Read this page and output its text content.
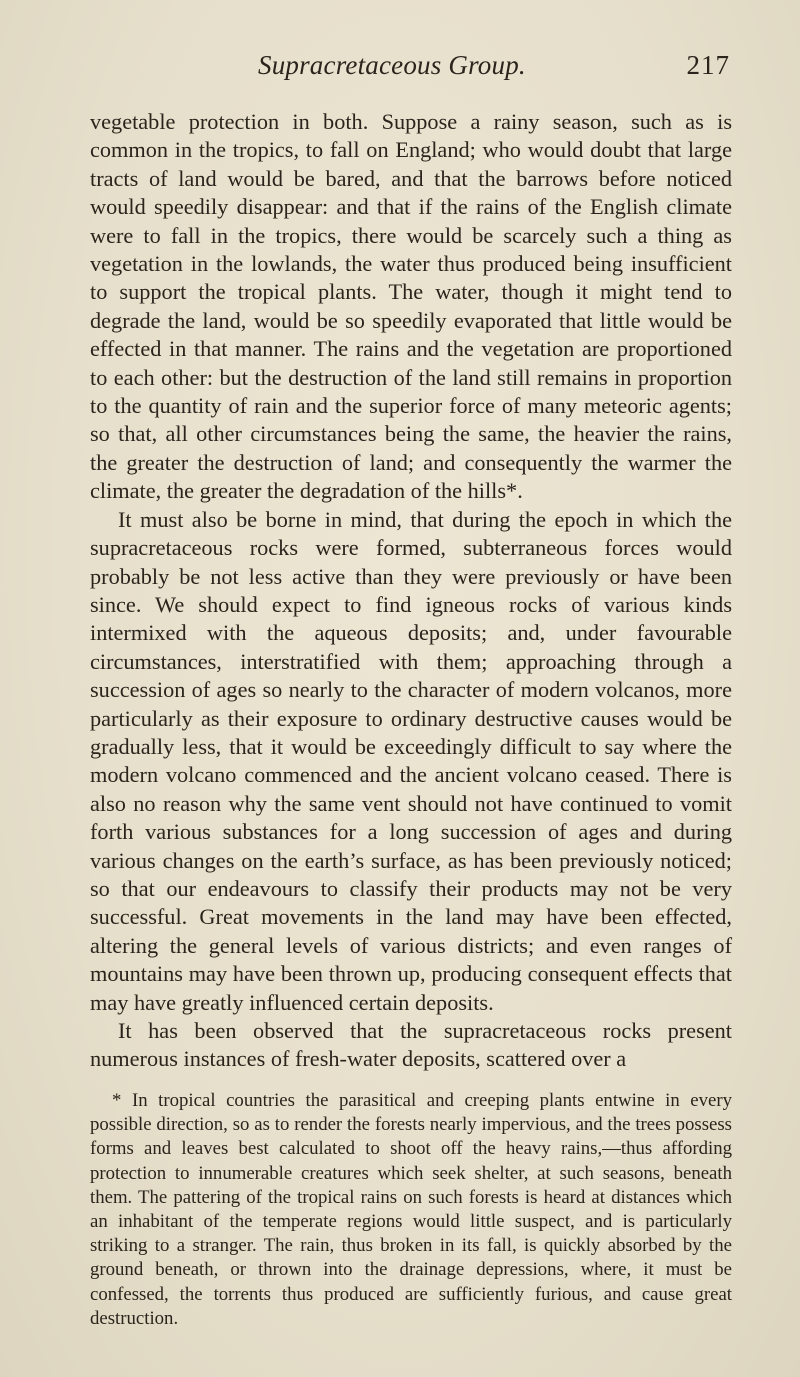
Supracretaceous Group.	217

vegetable protection in both. Suppose a rainy season, such as is common in the tropics, to fall on England; who would doubt that large tracts of land would be bared, and that the barrows before noticed would speedily disappear: and that if the rains of the English climate were to fall in the tropics, there would be scarcely such a thing as vegetation in the lowlands, the water thus produced being insufficient to support the tropical plants. The water, though it might tend to degrade the land, would be so speedily evaporated that little would be effected in that manner. The rains and the vegetation are proportioned to each other: but the destruction of the land still remains in proportion to the quantity of rain and the superior force of many meteoric agents; so that, all other circumstances being the same, the heavier the rains, the greater the destruction of land; and consequently the warmer the climate, the greater the degradation of the hills*.

It must also be borne in mind, that during the epoch in which the supracretaceous rocks were formed, subterraneous forces would probably be not less active than they were previously or have been since. We should expect to find igneous rocks of various kinds intermixed with the aqueous deposits; and, under favourable circumstances, interstratified with them; approaching through a succession of ages so nearly to the character of modern volcanos, more particularly as their exposure to ordinary destructive causes would be gradually less, that it would be exceedingly difficult to say where the modern volcano commenced and the ancient volcano ceased. There is also no reason why the same vent should not have continued to vomit forth various substances for a long succession of ages and during various changes on the earth’s surface, as has been previously noticed; so that our endeavours to classify their products may not be very successful. Great movements in the land may have been effected, altering the general levels of various districts; and even ranges of mountains may have been thrown up, producing consequent effects that may have greatly influenced certain deposits.

It has been observed that the supracretaceous rocks present numerous instances of fresh-water deposits, scattered over a

* In tropical countries the parasitical and creeping plants entwine in every possible direction, so as to render the forests nearly impervious, and the trees possess forms and leaves best calculated to shoot off the heavy rains,—thus affording protection to innumerable creatures which seek shelter, at such seasons, beneath them. The pattering of the tropical rains on such forests is heard at distances which an inhabitant of the temperate regions would little suspect, and is particularly striking to a stranger. The rain, thus broken in its fall, is quickly absorbed by the ground beneath, or thrown into the drainage depressions, where, it must be confessed, the torrents thus produced are sufficiently furious, and cause great destruction.
